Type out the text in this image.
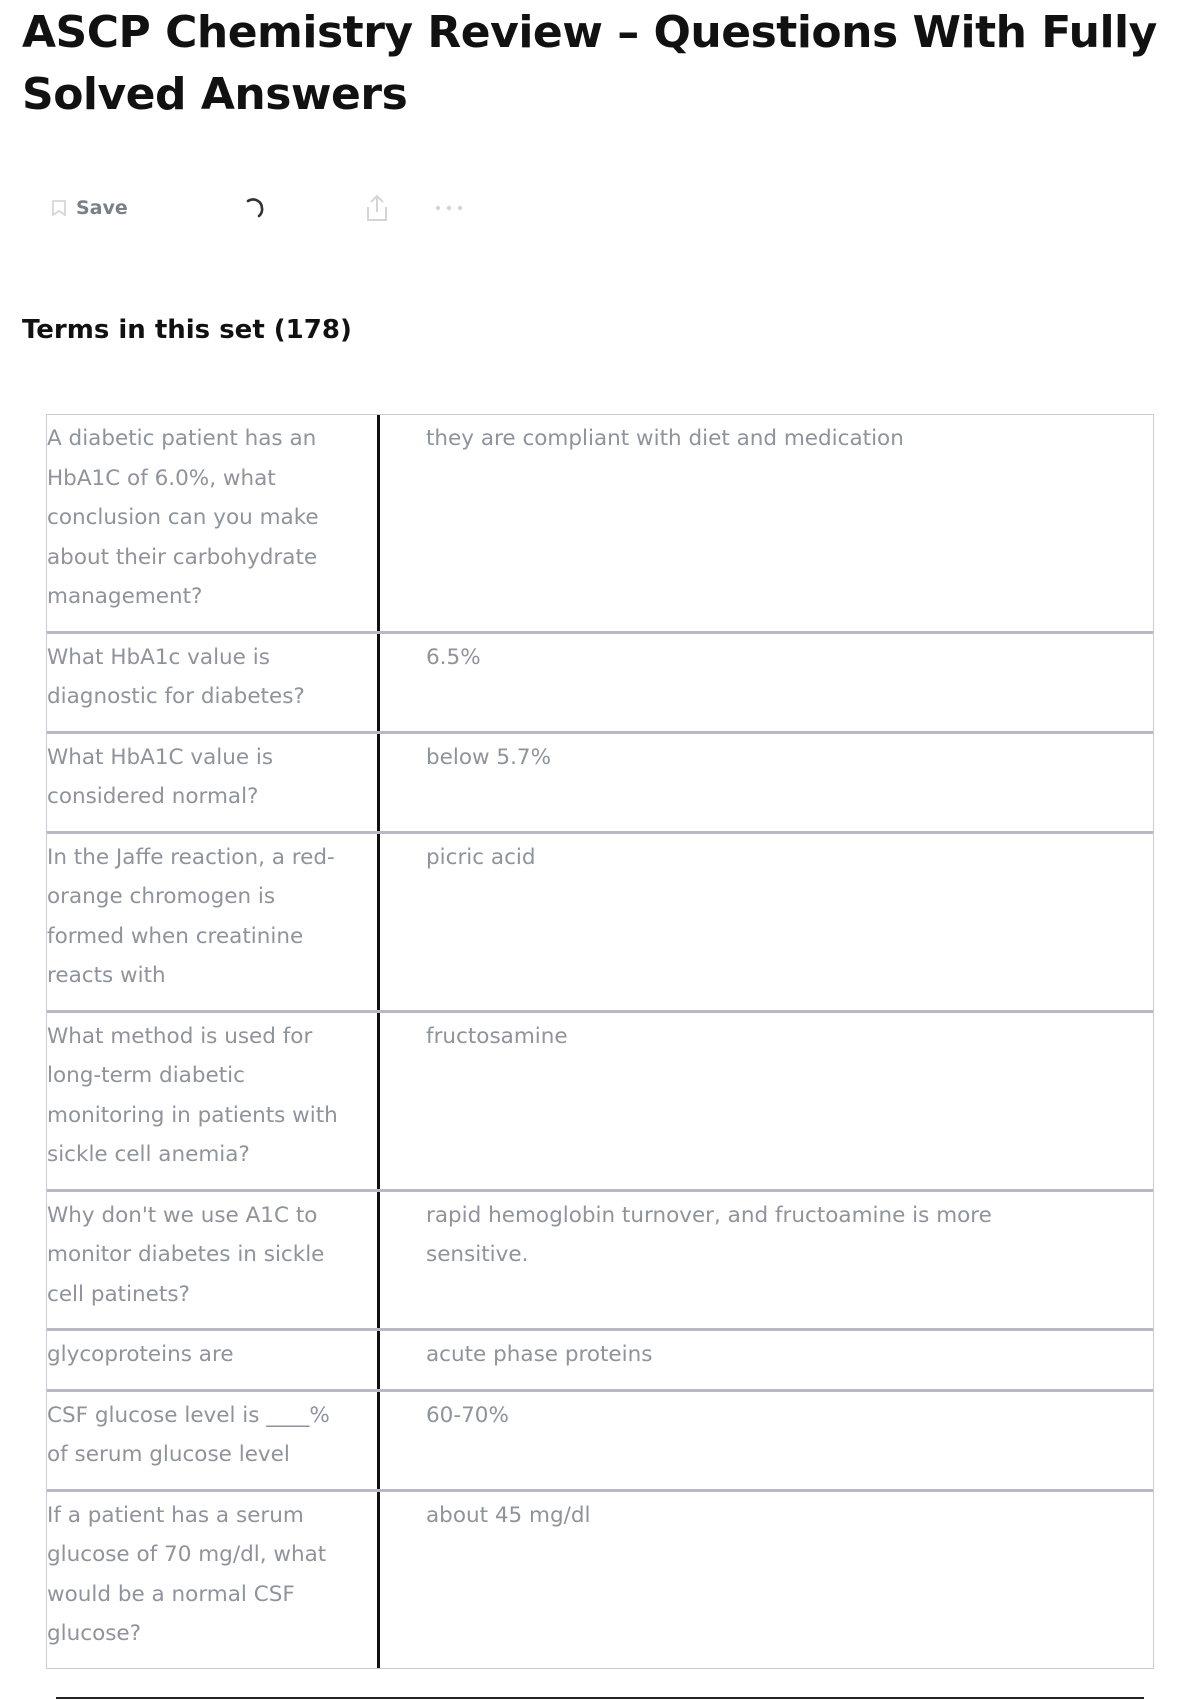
ASCP Chemistry Review – Questions With Fully Solved Answers
Save
Terms in this set (178)
A diabetic patient has an HbA1C of 6.0%, what conclusion can you make about their carbohydrate management?
they are compliant with diet and medication
What HbA1c value is diagnostic for diabetes?
6.5%
What HbA1C value is considered normal?
below 5.7%
In the Jaffe reaction, a red-orange chromogen is formed when creatinine reacts with
picric acid
What method is used for long-term diabetic monitoring in patients with sickle cell anemia?
fructosamine
Why don't we use A1C to monitor diabetes in sickle cell patinets?
rapid hemoglobin turnover, and fructoamine is more sensitive.
glycoproteins are	acute phase proteins
CSF glucose level is ____% of serum glucose level
60-70%
If a patient has a serum glucose of 70 mg/dl, what would be a normal CSF glucose?
about 45 mg/dl
